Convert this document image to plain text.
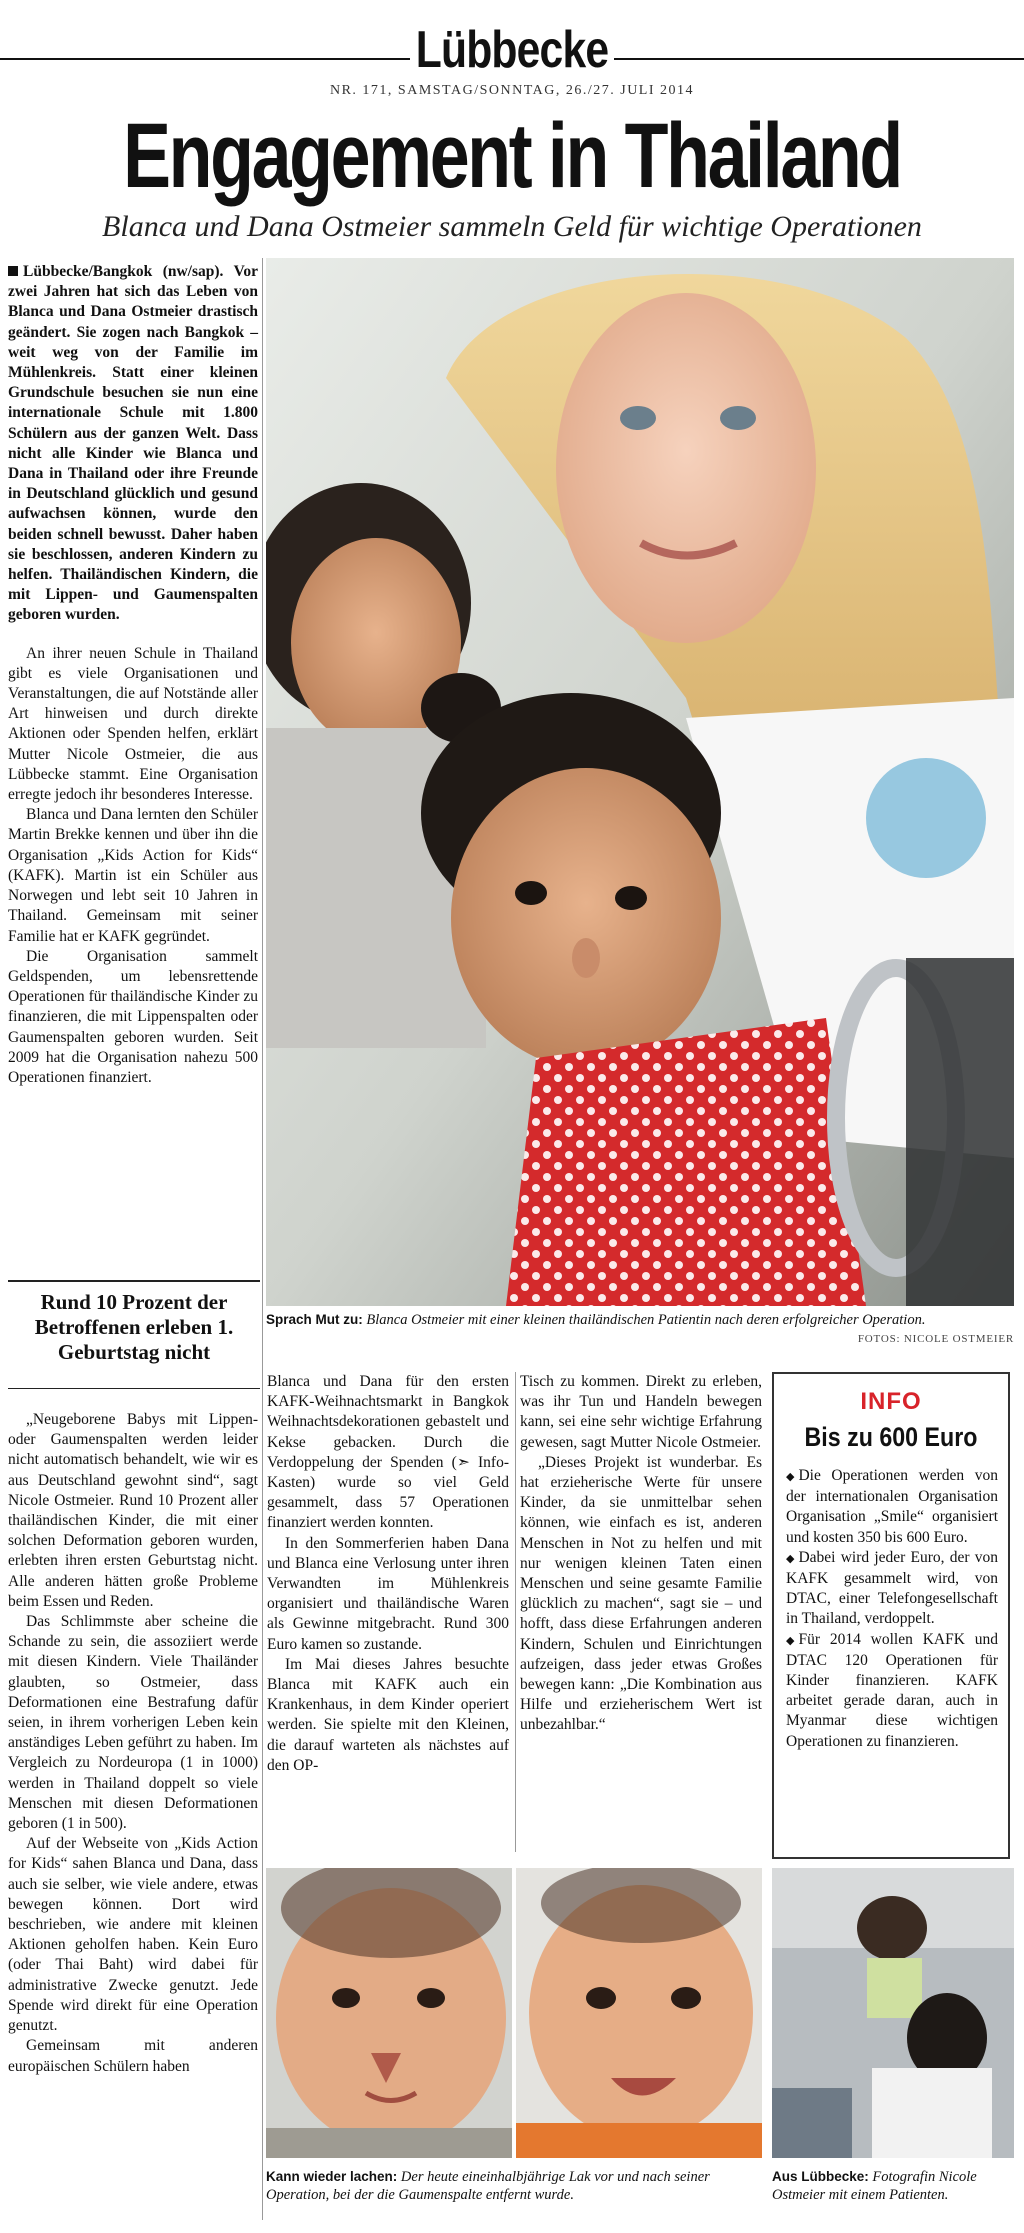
Lübbecke
NR. 171, SAMSTAG/SONNTAG, 26./27. JULI 2014
Engagement in Thailand
Blanca und Dana Ostmeier sammeln Geld für wichtige Operationen

Lübbecke/Bangkok (nw/sap). Vor zwei Jahren hat sich das Leben von Blanca und Dana Ostmeier drastisch geändert. Sie zogen nach Bangkok – weit weg von der Familie im Mühlenkreis. Statt einer kleinen Grundschule besuchen sie nun eine internationale Schule mit 1.800 Schülern aus der ganzen Welt. Dass nicht alle Kinder wie Blanca und Dana in Thailand oder ihre Freunde in Deutschland glücklich und gesund aufwachsen können, wurde den beiden schnell bewusst. Daher haben sie beschlossen, anderen Kindern zu helfen. Thailändischen Kindern, die mit Lippen- und Gaumenspalten geboren wurden.

An ihrer neuen Schule in Thailand gibt es viele Organisationen und Veranstaltungen, die auf Notstände aller Art hinweisen und durch direkte Aktionen oder Spenden helfen, erklärt Mutter Nicole Ostmeier, die aus Lübbecke stammt. Eine Organisation erregte jedoch ihr besonderes Interesse.

Blanca und Dana lernten den Schüler Martin Brekke kennen und über ihn die Organisation „Kids Action for Kids“ (KAFK). Martin ist ein Schüler aus Norwegen und lebt seit 10 Jahren in Thailand. Gemeinsam mit seiner Familie hat er KAFK gegründet.

Die Organisation sammelt Geldspenden, um lebensrettende Operationen für thailändische Kinder zu finanzieren, die mit Lippenspalten oder Gaumenspalten geboren wurden. Seit 2009 hat die Organisation nahezu 500 Operationen finanziert.

Rund 10 Prozent der Betroffenen erleben 1. Geburtstag nicht

„Neugeborene Babys mit Lippen- oder Gaumenspalten werden leider nicht automatisch behandelt, wie wir es aus Deutschland gewohnt sind“, sagt Nicole Ostmeier. Rund 10 Prozent aller thailändischen Kinder, die mit einer solchen Deformation geboren wurden, erlebten ihren ersten Geburtstag nicht. Alle anderen hätten große Probleme beim Essen und Reden.

Das Schlimmste aber scheine die Schande zu sein, die assoziiert werde mit diesen Kindern. Viele Thailänder glaubten, so Ostmeier, dass Deformationen eine Bestrafung dafür seien, in ihrem vorherigen Leben kein anständiges Leben geführt zu haben. Im Vergleich zu Nordeuropa (1 in 1000) werden in Thailand doppelt so viele Menschen mit diesen Deformationen geboren (1 in 500).

Auf der Webseite von „Kids Action for Kids“ sahen Blanca und Dana, dass auch sie selber, wie viele andere, etwas bewegen können. Dort wird beschrieben, wie andere mit kleinen Aktionen geholfen haben. Kein Euro (oder Thai Baht) wird dabei für administrative Zwecke genutzt. Jede Spende wird direkt für eine Operation genutzt.

Gemeinsam mit anderen europäischen Schülern haben

Sprach Mut zu: Blanca Ostmeier mit einer kleinen thailändischen Patientin nach deren erfolgreicher Operation.
FOTOS: NICOLE OSTMEIER

Blanca und Dana für den ersten KAFK-Weihnachtsmarkt in Bangkok Weihnachtsdekorationen gebastelt und Kekse gebacken. Durch die Verdoppelung der Spenden (➣ Info-Kasten) wurde so viel Geld gesammelt, dass 57 Operationen finanziert werden konnten.

In den Sommerferien haben Dana und Blanca eine Verlosung unter ihren Verwandten im Mühlenkreis organisiert und thailändische Waren als Gewinne mitgebracht. Rund 300 Euro kamen so zustande.

Im Mai dieses Jahres besuchte Blanca mit KAFK auch ein Krankenhaus, in dem Kinder operiert werden. Sie spielte mit den Kleinen, die darauf warteten als nächstes auf den OP-

Tisch zu kommen. Direkt zu erleben, was ihr Tun und Handeln bewegen kann, sei eine sehr wichtige Erfahrung gewesen, sagt Mutter Nicole Ostmeier.

„Dieses Projekt ist wunderbar. Es hat erzieherische Werte für unsere Kinder, da sie unmittelbar sehen können, wie einfach es ist, anderen Menschen in Not zu helfen und mit nur wenigen kleinen Taten einen Menschen und seine gesamte Familie glücklich zu machen“, sagt sie – und hofft, dass diese Erfahrungen anderen Kindern, Schulen und Einrichtungen aufzeigen, dass jeder etwas Großes bewegen kann: „Die Kombination aus Hilfe und erzieherischem Wert ist unbezahlbar.“

INFO
Bis zu 600 Euro

◆ Die Operationen werden von der internationalen Organisation Organisation „Smile“ organisiert und kosten 350 bis 600 Euro.

◆ Dabei wird jeder Euro, der von KAFK gesammelt wird, von DTAC, einer Telefongesellschaft in Thailand, verdoppelt.

◆ Für 2014 wollen KAFK und DTAC 120 Operationen für Kinder finanzieren. KAFK arbeitet gerade daran, auch in Myanmar diese wichtigen Operationen zu finanzieren.

Kann wieder lachen: Der heute eineinhalbjährige Lak vor und nach seiner Operation, bei der die Gaumenspalte entfernt wurde.
Aus Lübbecke: Fotografin Nicole Ostmeier mit einem Patienten.
